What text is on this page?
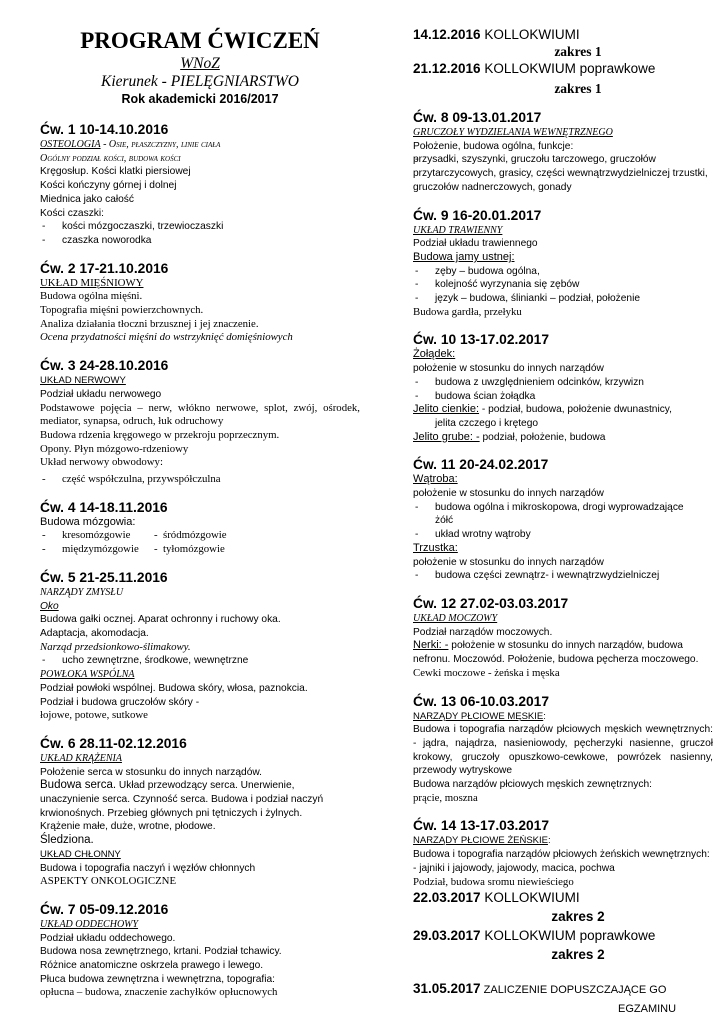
PROGRAM ĆWICZEŃ
WNoZ
Kierunek - PIELĘGNIARSTWO
Rok akademicki 2016/2017
Ćw. 1 10-14.10.2016
OSTEOLOGIA - Osie, płaszczyzny, linie ciała
Ogólny podział kości, budowa kości
Kręgosłup. Kości klatki piersiowej
Kości kończyny górnej i dolnej
Miednica jako całość
Kości czaszki:
- kości mózgoczaszki, trzewioczaszki
- czaszka noworodka
Ćw. 2 17-21.10.2016
UKŁAD MIĘŚNIOWY
Budowa ogólna mięśni.
Topografia mięśni powierzchownych.
Analiza działania tłoczni brzusznej i jej znaczenie.
Ocena przydatności mięśni do wstrzyknięć domięśniowych
Ćw. 3 24-28.10.2016
UKŁAD NERWOWY
Podział układu nerwowego
Podstawowe pojęcia – nerw, włókno nerwowe, splot, zwój, ośrodek, mediator, synapsa, odruch, łuk odruchowy
Budowa rdzenia kręgowego w przekroju poprzecznym.
Opony. Płyn mózgowo-rdzeniowy
Układ nerwowy obwodowy:
- część współczulna, przywspółczulna
Ćw. 4 14-18.11.2016
Budowa mózgowia:
- kresomózgowie -  śródmózgowie
- międzymózgowie -  tyłomózgowie
Ćw. 5 21-25.11.2016
NARZĄDY ZMYSŁU
Oko
Budowa gałki ocznej. Aparat ochronny i ruchowy oka.
Adaptacja, akomodacja.
Narząd przedsionkowo-ślimakowy.
- ucho zewnętrzne, środkowe, wewnętrzne
POWŁOKA WSPÓLNA
Podział powłoki wspólnej. Budowa skóry, włosa, paznokcia.
Podział i budowa gruczołów skóry -
łojowe, potowe, sutkowe
Ćw. 6 28.11-02.12.2016
UKŁAD KRĄŻENIA
Położenie serca w stosunku do innych narządów.
Budowa serca. Układ przewodzący serca. Unerwienie,
unaczynienie serca. Czynność serca. Budowa i podział naczyń krwionośnych. Przebieg głównych pni tętniczych i żylnych.
Krążenie małe, duże, wrotne, płodowe.
Śledziona.
UKŁAD CHŁONNY
Budowa i topografia naczyń i węzłów chłonnych
ASPEKTY ONKOLOGICZNE
Ćw. 7 05-09.12.2016
UKŁAD ODDECHOWY
Podział układu oddechowego.
Budowa nosa zewnętrznego, krtani. Podział tchawicy.
Różnice anatomiczne oskrzela prawego i lewego.
Płuca budowa zewnętrzna i wewnętrzna, topografia:
opłucna – budowa, znaczenie zachyłków opłucnowych
14.12.2016 KOLLOKWIUMI
zakres 1
21.12.2016 KOLLOKWIUM poprawkowe
zakres 1
Ćw. 8 09-13.01.2017
GRUCZOŁY WYDZIELANIA WEWNĘTRZNEGO
Położenie, budowa ogólna, funkcje:
- przysadki, szyszynki, gruczołu tarczowego, gruczołów przytarczycowych, grasicy, części wewnątrzwydzielniczej trzustki, gruczołów nadnerczowych, gonady
Ćw. 9 16-20.01.2017
UKŁAD TRAWIENNY
Podział układu trawiennego
Budowa jamy ustnej:
- zęby – budowa ogólna,
- kolejność wyrzynania się zębów
- język – budowa, ślinianki – podział, położenie
Budowa gardła, przełyku
Ćw. 10 13-17.02.2017
Żołądek:
położenie w stosunku do innych narządów
- budowa z uwzględnieniem odcinków, krzywizn
- budowa ścian żołądka
Jelito cienkie: - podział, budowa, położenie dwunastnicy,
jelita czczego i krętego
Jelito grube: - podział, położenie, budowa
Ćw. 11 20-24.02.2017
Wątroba:
położenie w stosunku do innych narządów
- budowa ogólna i mikroskopowa, drogi wyprowadzające
żółć
- układ wrotny wątroby
Trzustka:
położenie w stosunku do innych narządów
- budowa części zewnątrz- i wewnątrzwydzielniczej
Ćw. 12 27.02-03.03.2017
UKŁAD MOCZOWY
Podział narządów moczowych.
Nerki: - położenie w stosunku do innych narządów, budowa nefronu. Moczowód. Położenie, budowa pęcherza moczowego.
Cewki moczowe - żeńska i męska
Ćw. 13 06-10.03.2017
NARZĄDY PŁCIOWE MĘSKIE:
Budowa i topografia narządów płciowych męskich wewnętrznych: - jądra, najądrza, nasieniowody, pęcherzyki nasienne, gruczoł krokowy, gruczoły opuszkowo-cewkowe, powrózek nasienny, przewody wytryskowe
Budowa narządów płciowych męskich zewnętrznych:
prącie, moszna
Ćw. 14 13-17.03.2017
NARZĄDY PŁCIOWE ŻEŃSKIE:
Budowa i topografia narządów płciowych żeńskich wewnętrznych: - jajniki i jajowody, jajowody, macica, pochwa
Podział, budowa sromu niewieściego
22.03.2017 KOLLOKWIUMI
zakres 2
29.03.2017 KOLLOKWIUM poprawkowe
zakres 2
31.05.2017 ZALICZENIE DOPUSZCZAJĄCE GO
EGZAMINU
